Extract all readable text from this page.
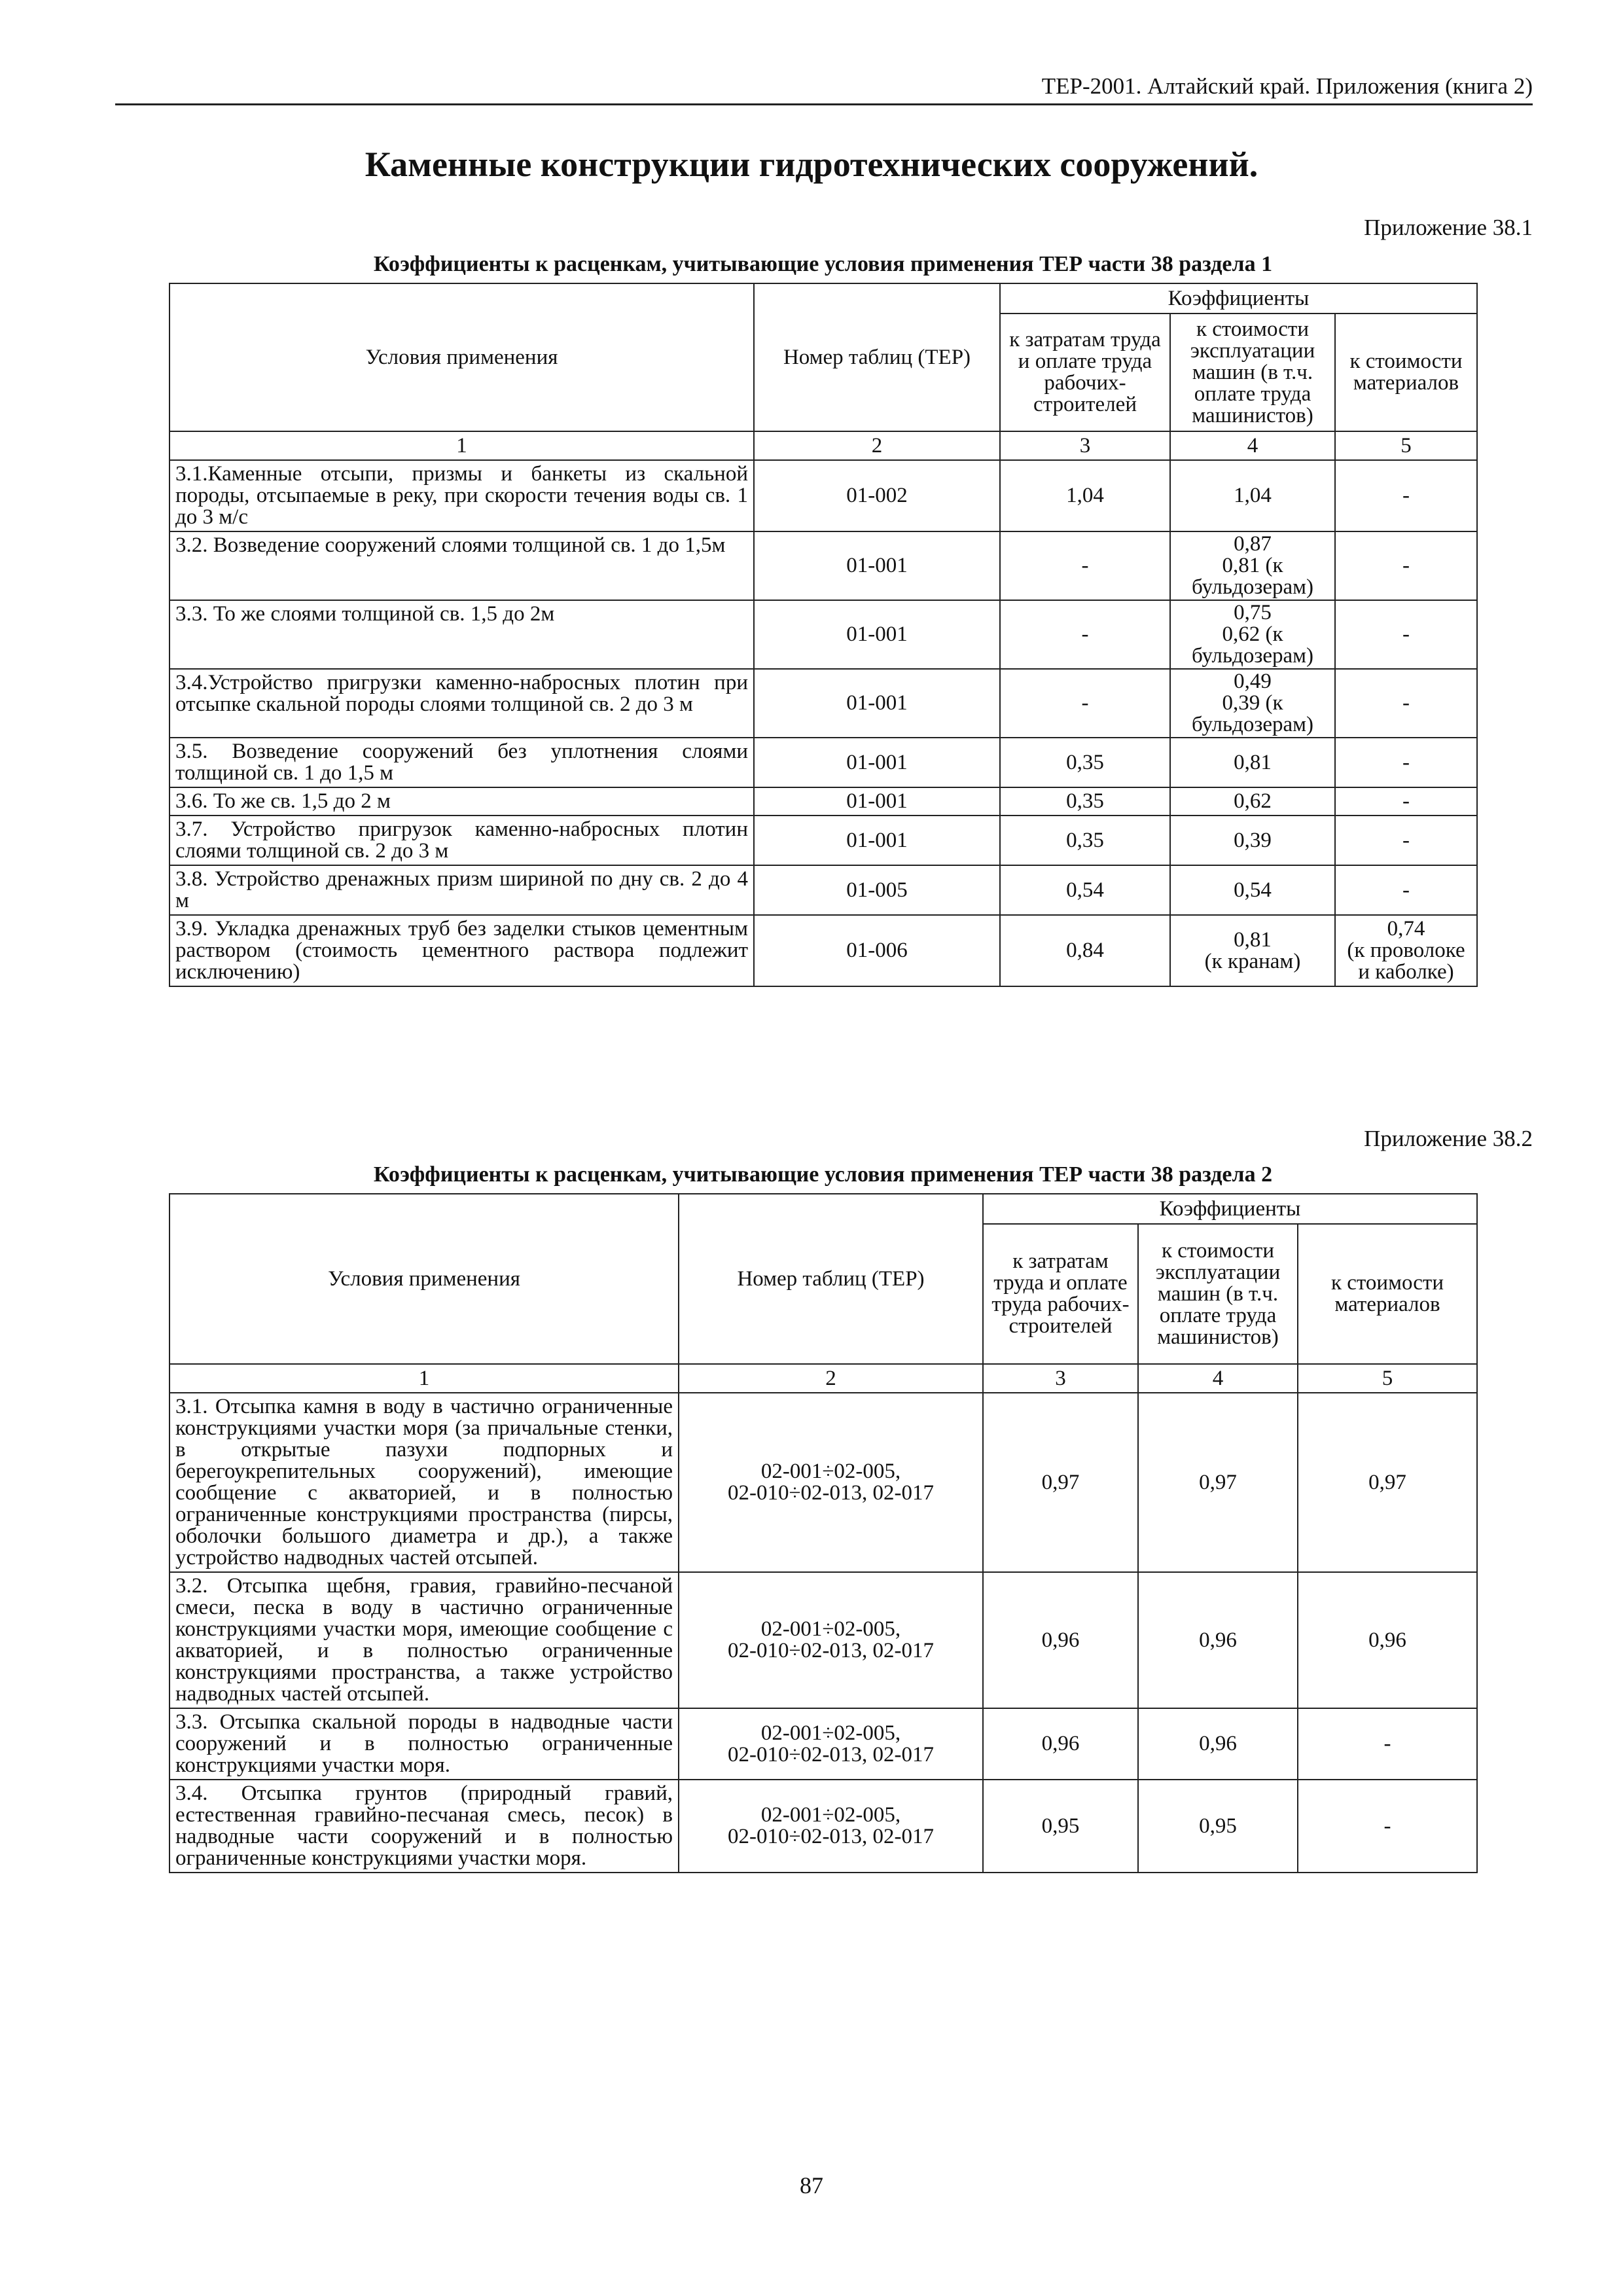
ТЕР-2001. Алтайский край. Приложения (книга 2)
Каменные конструкции гидротехнических сооружений.
Приложение 38.1
Коэффициенты к расценкам, учитывающие условия применения ТЕР части 38 раздела 1
Условия применения	Номер таблиц (ТЕР)	Коэффициенты		
		к затратам труда и оплате труда рабочих-строителей	к стоимости эксплуатации машин (в т.ч. оплате труда машинистов)	к стоимости материалов
1	2	3	4	5
3.1.Каменные отсыпи, призмы и банкеты из скальной породы, отсыпаемые в реку, при скорости течения воды св. 1 до 3 м/с	01-002	1,04	1,04	-
3.2. Возведение сооружений слоями толщиной св. 1 до 1,5м	01-001	-	0,87
0,81 (к бульдозерам)	-
3.3. То же слоями толщиной св. 1,5 до 2м	01-001	-	0,75
0,62 (к бульдозерам)	-
3.4.Устройство пригрузки каменно-набросных плотин при отсыпке скальной породы слоями толщиной св. 2 до 3 м	01-001	-	0,49
0,39 (к бульдозерам)	-
3.5. Возведение сооружений без уплотнения слоями толщиной св. 1 до 1,5 м	01-001	0,35	0,81	-
3.6. То же св. 1,5 до 2 м	01-001	0,35	0,62	-
3.7. Устройство пригрузок каменно-набросных плотин слоями толщиной св. 2 до 3 м	01-001	0,35	0,39	-
3.8. Устройство дренажных призм шириной по дну св. 2 до 4 м	01-005	0,54	0,54	-
3.9. Укладка дренажных труб без заделки стыков цементным раствором (стоимость цементного раствора подлежит исключению)	01-006	0,84	0,81
(к кранам)	0,74
(к проволоке и каболке)
Приложение 38.2
Коэффициенты к расценкам, учитывающие условия применения ТЕР части 38 раздела 2
Условия применения	Номер таблиц (ТЕР)	Коэффициенты		
		к затратам труда и оплате труда рабочих-строителей	к стоимости эксплуатации машин (в т.ч. оплате труда машинистов)	к стоимости материалов
1	2	3	4	5
3.1. Отсыпка камня в воду в частично ограниченные конструкциями участки моря (за причальные стенки, в открытые пазухи подпорных и берегоукрепительных сооружений), имеющие сообщение с акваторией, и в полностью ограниченные конструкциями пространства (пирсы, оболочки большого диаметра и др.), а также устройство надводных частей отсыпей.	02-001÷02-005,
02-010÷02-013, 02-017	0,97	0,97	0,97
3.2. Отсыпка щебня, гравия, гравийно-песчаной смеси, песка в воду в частично ограниченные конструкциями участки моря, имеющие сообщение с акваторией, и в полностью ограниченные конструкциями пространства, а также устройство надводных частей отсыпей.	02-001÷02-005,
02-010÷02-013, 02-017	0,96	0,96	0,96
3.3. Отсыпка скальной породы в надводные части сооружений и в полностью ограниченные конструкциями участки моря.	02-001÷02-005,
02-010÷02-013, 02-017	0,96	0,96	-
3.4. Отсыпка грунтов (природный гравий, естественная гравийно-песчаная смесь, песок) в надводные части сооружений и в полностью ограниченные конструкциями участки моря.	02-001÷02-005,
02-010÷02-013, 02-017	0,95	0,95	-
87
